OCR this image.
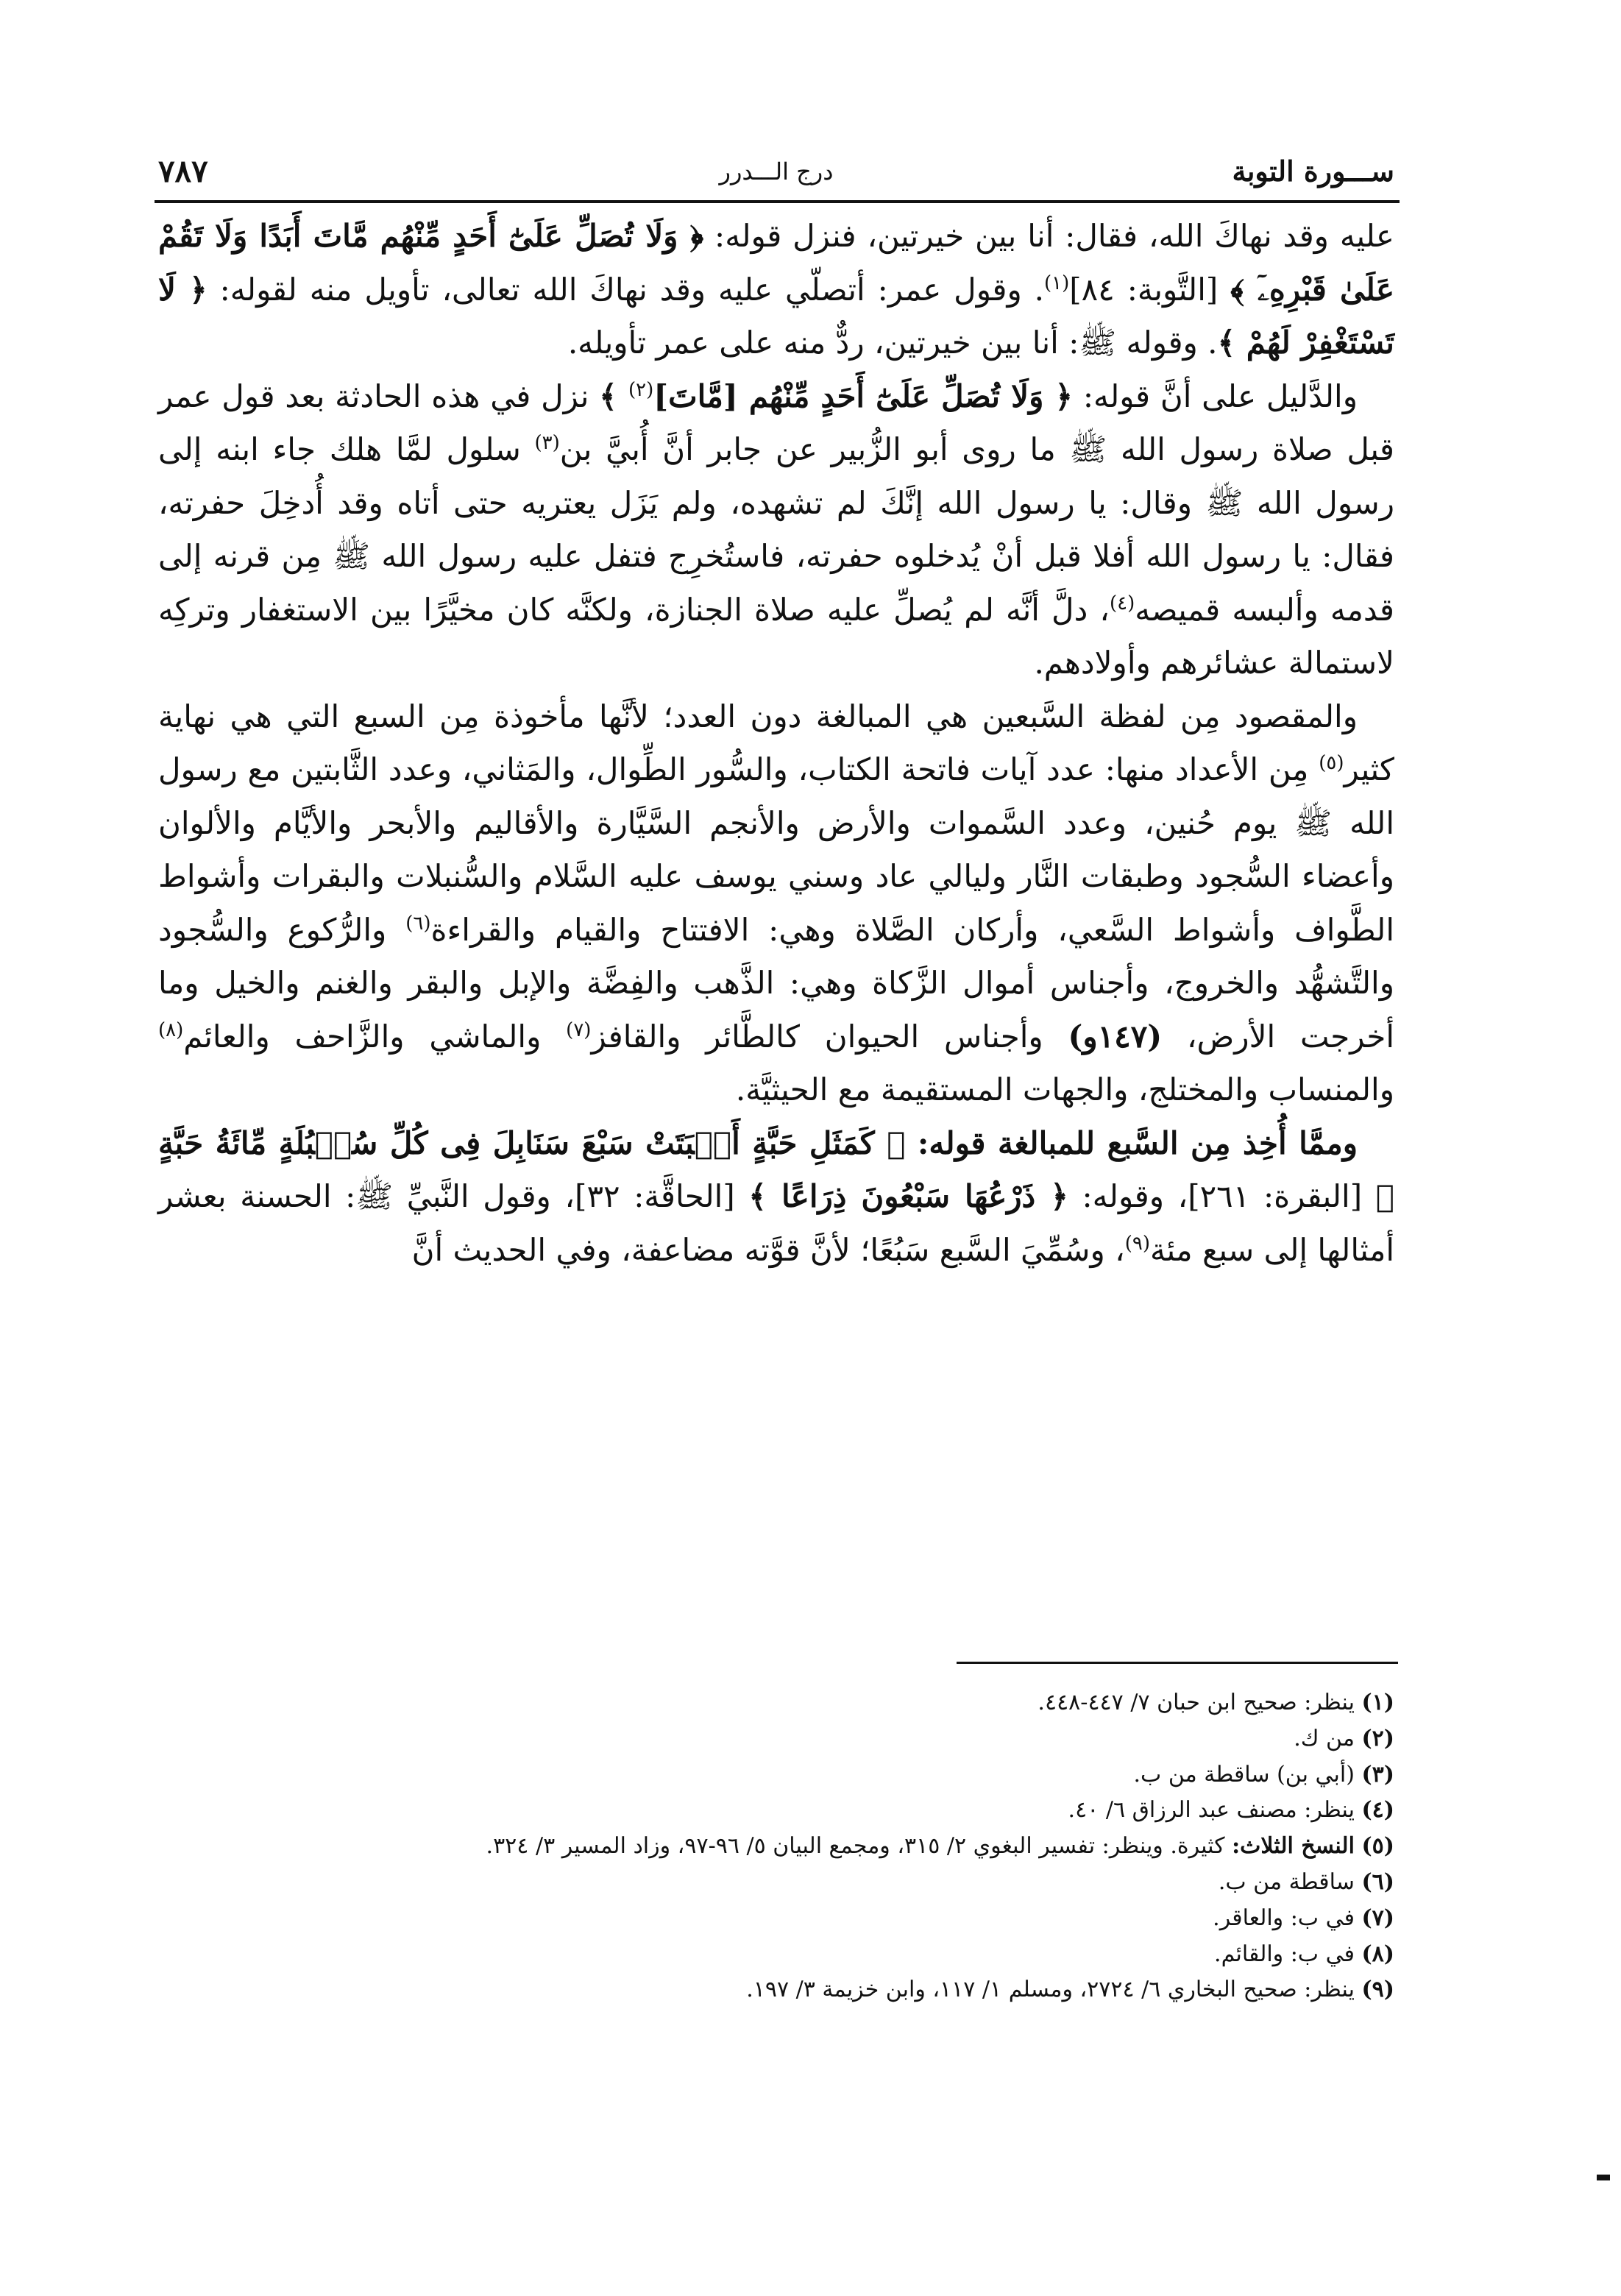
ســـورة التوبة
درج الـــدرر
٧٨٧

عليه وقد نهاكَ الله، فقال: أنا بين خيرتين، فنزل قوله: ﴿ وَلَا تُصَلِّ عَلَىٰٓ أَحَدٍ مِّنْهُم مَّاتَ أَبَدًا وَلَا تَقُمْ عَلَىٰ قَبْرِهِۦٓ ﴾ [التَّوبة: ٨٤]$^{(١)}$. وقول عمر: أتصلّي عليه وقد نهاكَ الله تعالى، تأويل منه لقوله: ﴿ لَا تَسْتَغْفِرْ لَهُمْ ﴾. وقوله ﷺ: أنا بين خيرتين، ردٌّ منه على عمر تأويله.

والدَّليل على أنَّ قوله: ﴿ وَلَا تُصَلِّ عَلَىٰٓ أَحَدٍ مِّنْهُم [مَّاتَ]$^{(٢)}$ ﴾ نزل في هذه الحادثة بعد قول عمر قبل صلاة رسول الله ﷺ ما روى أبو الزُّبير عن جابر أنَّ أُبيَّ بن$^{(٣)}$ سلول لمَّا هلك جاء ابنه إلى رسول الله ﷺ وقال: يا رسول الله إنَّكَ لم تشهده، ولم يَزَل يعتريه حتى أتاه وقد أُدخِلَ حفرته، فقال: يا رسول الله أفلا قبل أنْ يُدخلوه حفرته، فاستُخرِج فتفل عليه رسول الله ﷺ مِن قرنه إلى قدمه وألبسه قميصه$^{(٤)}$، دلَّ أنَّه لم يُصلِّ عليه صلاة الجنازة، ولكنَّه كان مخيَّرًا بين الاستغفار وتركِه لاستمالة عشائرهم وأولادهم.

والمقصود مِن لفظة السَّبعين هي المبالغة دون العدد؛ لأنَّها مأخوذة مِن السبع التي هي نهاية كثير$^{(٥)}$ مِن الأعداد منها: عدد آيات فاتحة الكتاب، والسُّور الطِّوال، والمَثاني، وعدد الثَّابتين مع رسول الله ﷺ يوم حُنين، وعدد السَّموات والأرض والأنجم السَّيَّارة والأقاليم والأبحر والأيَّام والألوان وأعضاء السُّجود وطبقات النَّار وليالي عاد وسني يوسف عليه السَّلام والسُّنبلات والبقرات وأشواط الطَّواف وأشواط السَّعي، وأركان الصَّلاة وهي: الافتتاح والقيام والقراءة$^{(٦)}$ والرُّكوع والسُّجود والتَّشهُّد والخروج، وأجناس أموال الزَّكاة وهي: الذَّهب والفِضَّة والإبل والبقر والغنم والخيل وما أخرجت الأرض، (١٤٧و) وأجناس الحيوان كالطَّائر والقافز$^{(٧)}$ والماشي والزَّاحف والعائم$^{(٨)}$ والمنساب والمختلج، والجهات المستقيمة مع الحيثيَّة.

وممَّا أُخِذ مِن السَّبع للمبالغة قوله: ﴿ كَمَثَلِ حَبَّةٍ أَنۢبَتَتْ سَبْعَ سَنَابِلَ فِى كُلِّ سُنۢبُلَةٍ مِّائَةُ حَبَّةٍ ﴾ [البقرة: ٢٦١]، وقوله: ﴿ ذَرْعُهَا سَبْعُونَ ذِرَاعًا ﴾ [الحاقَّة: ٣٢]، وقول النَّبيِّ ﷺ: الحسنة بعشر أمثالها إلى سبع مئة$^{(٩)}$، وسُمِّيَ السَّبع سَبُعًا؛ لأنَّ قوَّته مضاعفة، وفي الحديث أنَّ

(١) ينظر: صحيح ابن حبان ٧/ ٤٤٧-٤٤٨.
(٢) من ك.
(٣) (أبي بن) ساقطة من ب.
(٤) ينظر: مصنف عبد الرزاق ٦/ ٤٠.
(٥) النسخ الثلاث: كثيرة. وينظر: تفسير البغوي ٢/ ٣١٥، ومجمع البيان ٥/ ٩٦-٩٧، وزاد المسير ٣/ ٣٢٤.
(٦) ساقطة من ب.
(٧) في ب: والعاقر.
(٨) في ب: والقائم.
(٩) ينظر: صحيح البخاري ٦/ ٢٧٢٤، ومسلم ١/ ١١٧، وابن خزيمة ٣/ ١٩٧.
